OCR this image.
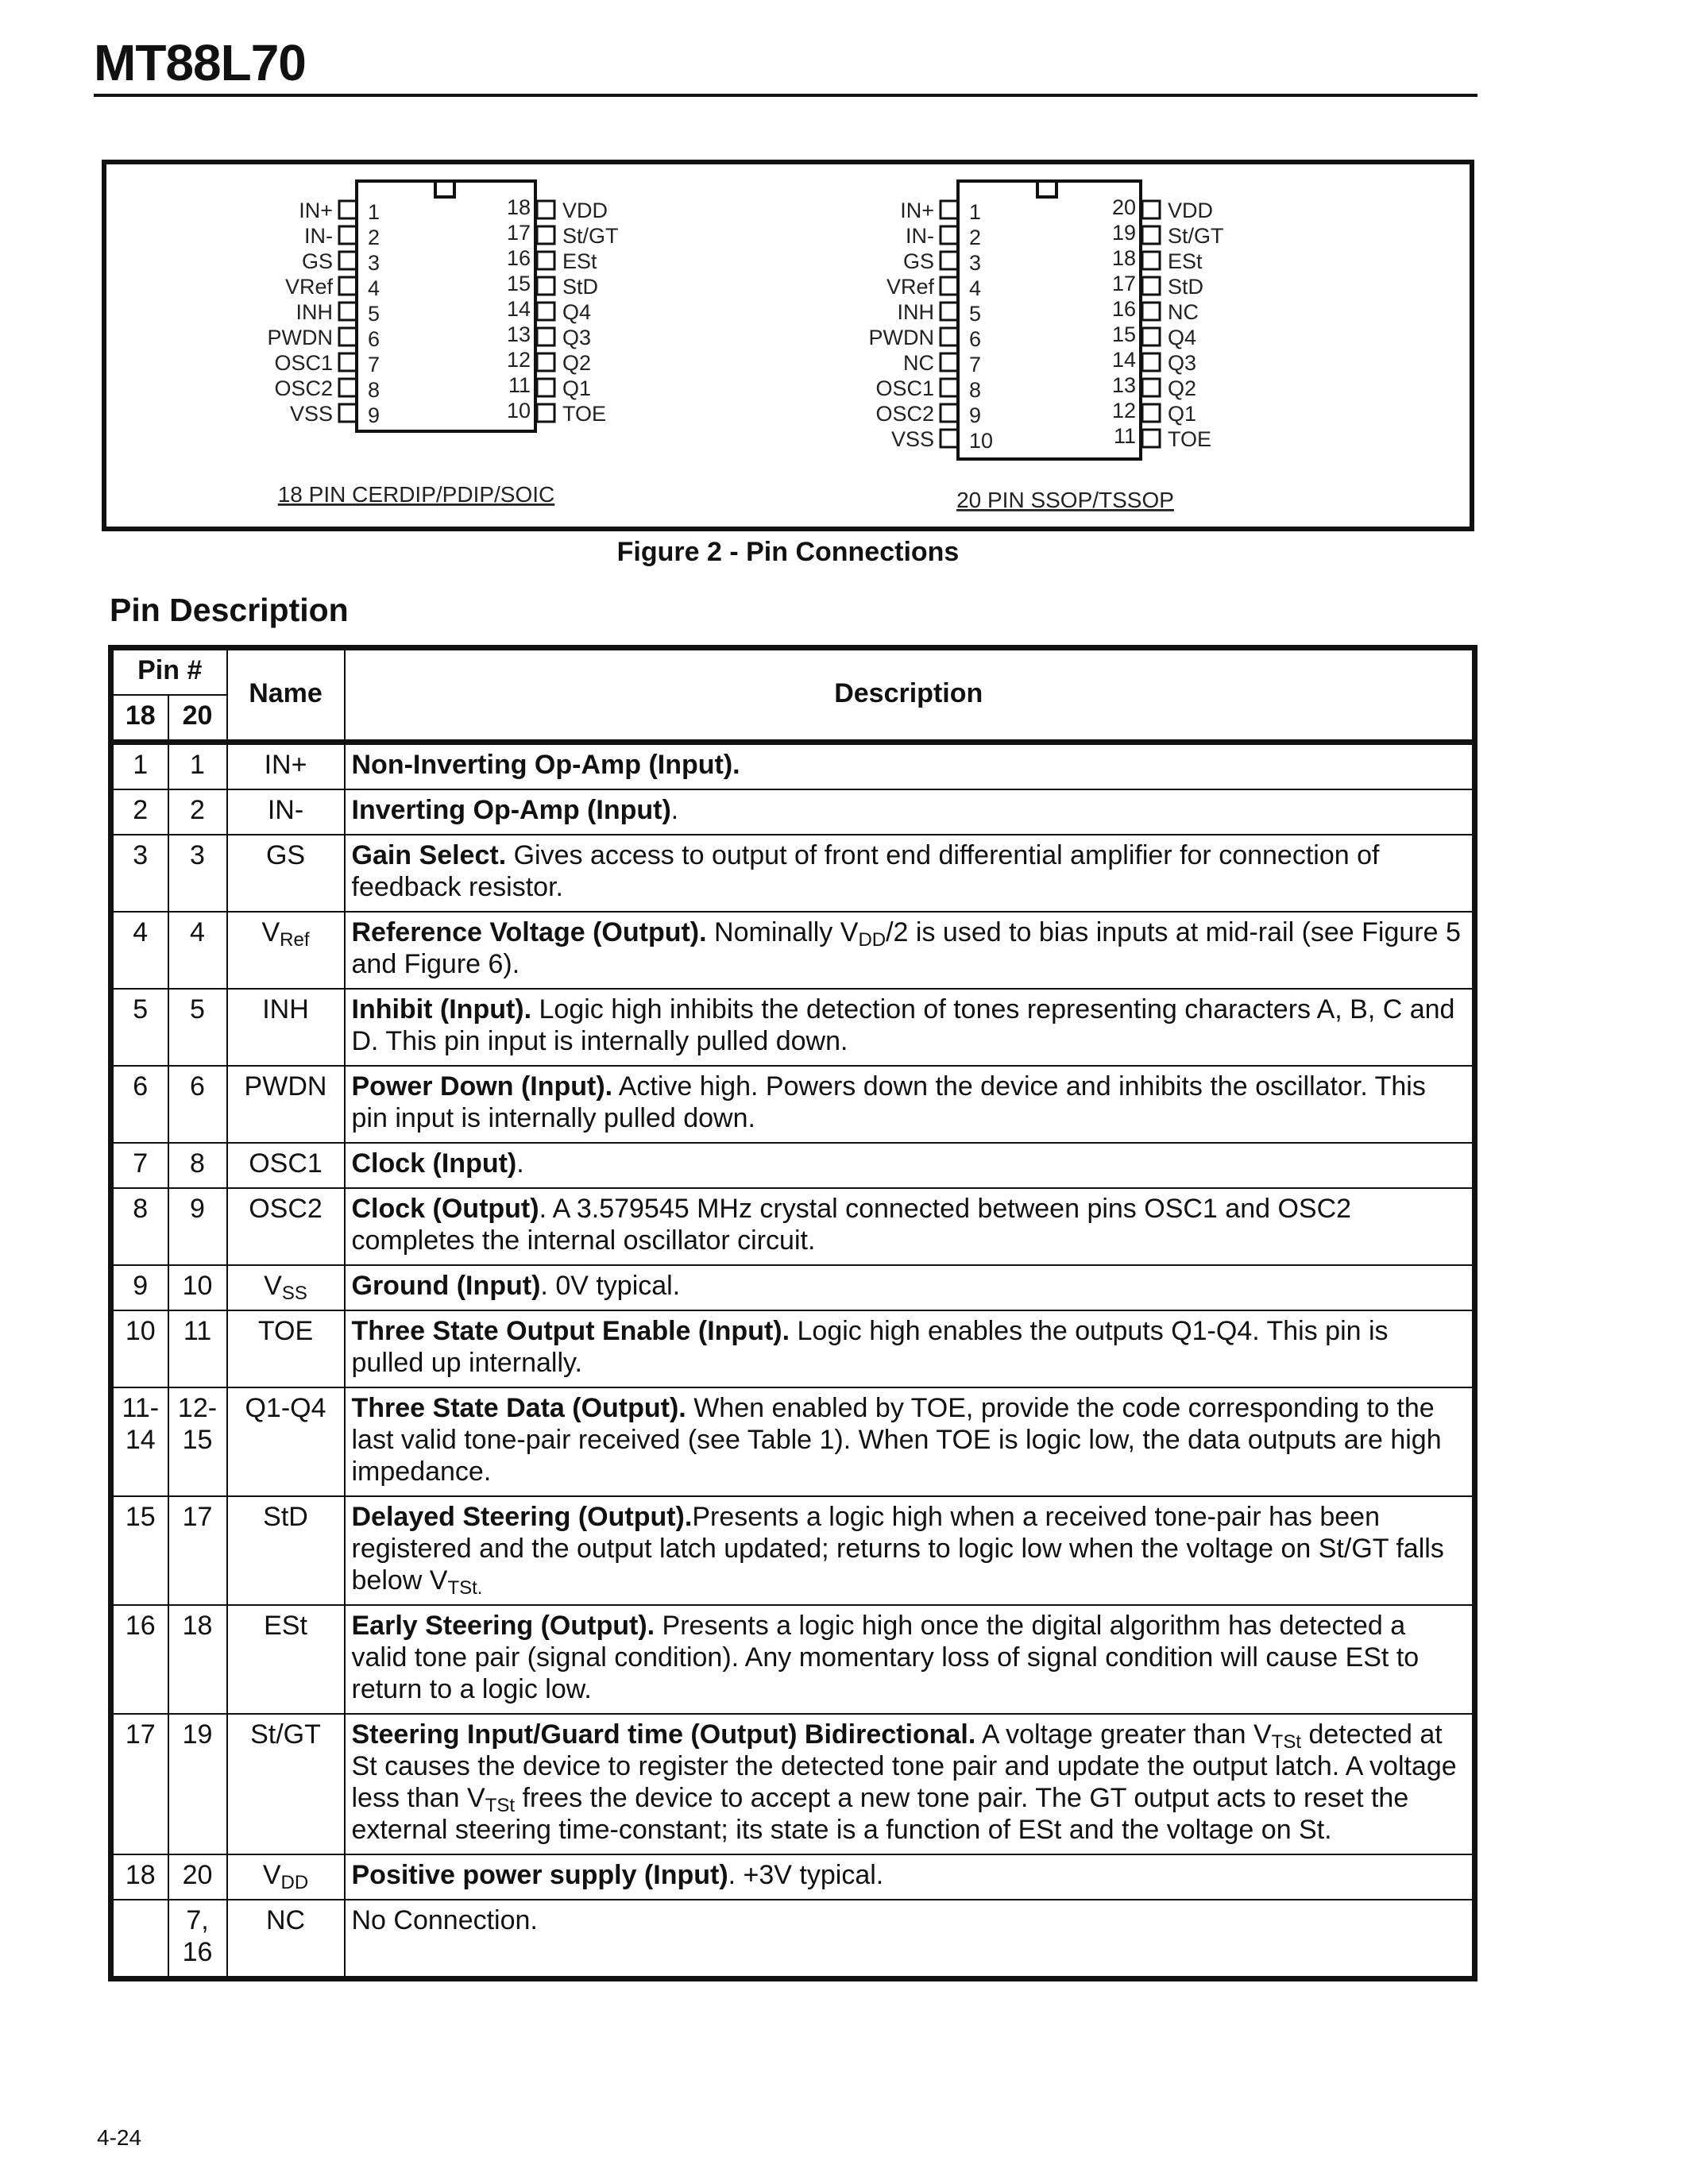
MT88L70
IN+ 1
IN- 2
GS 3
VRef 4
INH 5
PWDN 6
OSC1 7
OSC2 8
VSS 9
VDD
18
St/GT
17
ESt
16
StD
15
Q4
14
Q3
13
Q2
12
Q1
11
TOE
10
18 PIN CERDIP/PDIP/SOIC
IN+ 1
IN- 2
GS 3
VRef 4
INH 5
PWDN 6
NC 7
OSC1 8
OSC2 9
VSS 10
VDD
20
St/GT
19
ESt
18
StD
17
NC
16
Q4
15
Q3
14
Q2
13
Q1
12
TOE
11
20 PIN SSOP/TSSOP

Figure 2 - Pin Connections

Pin Description
Pin #		Name	Description
18	20		
1	1	IN+	Non-Inverting Op-Amp (Input).
2	2	IN-	Inverting Op-Amp (Input).
3	3	GS	Gain Select. Gives access to output of front end differential amplifier for connection of feedback resistor.
4	4	$V_{Ref}$	Reference Voltage (Output). Nominally $V_{DD}/2$ is used to bias inputs at mid-rail (see Figure 5 and Figure 6).
5	5	INH	Inhibit (Input). Logic high inhibits the detection of tones representing characters A, B, C and D. This pin input is internally pulled down.
6	6	PWDN	Power Down (Input). Active high. Powers down the device and inhibits the oscillator. This pin input is internally pulled down.
7	8	OSC1	Clock (Input).
8	9	OSC2	Clock (Output). A 3.579545 MHz crystal connected between pins OSC1 and OSC2 completes the internal oscillator circuit.
9	10	$V_{SS}$	Ground (Input). 0V typical.
10	11	TOE	Three State Output Enable (Input). Logic high enables the outputs Q1-Q4. This pin is pulled up internally.
11-14	12-15	Q1-Q4	Three State Data (Output). When enabled by TOE, provide the code corresponding to the last valid tone-pair received (see Table 1). When TOE is logic low, the data outputs are high impedance.
15	17	StD	Delayed Steering (Output).Presents a logic high when a received tone-pair has been registered and the output latch updated; returns to logic low when the voltage on St/GT falls below $V_{TSt.}$
16	18	ESt	Early Steering (Output). Presents a logic high once the digital algorithm has detected a valid tone pair (signal condition). Any momentary loss of signal condition will cause ESt to return to a logic low.
17	19	St/GT	Steering Input/Guard time (Output) Bidirectional. A voltage greater than $V_{TSt}$ detected at St causes the device to register the detected tone pair and update the output latch. A voltage less than $V_{TSt}$ frees the device to accept a new tone pair. The GT output acts to reset the external steering time-constant; its state is a function of ESt and the voltage on St.
18	20	$V_{DD}$	Positive power supply (Input). +3V typical.
	7, 16	NC	No Connection.

4-24
